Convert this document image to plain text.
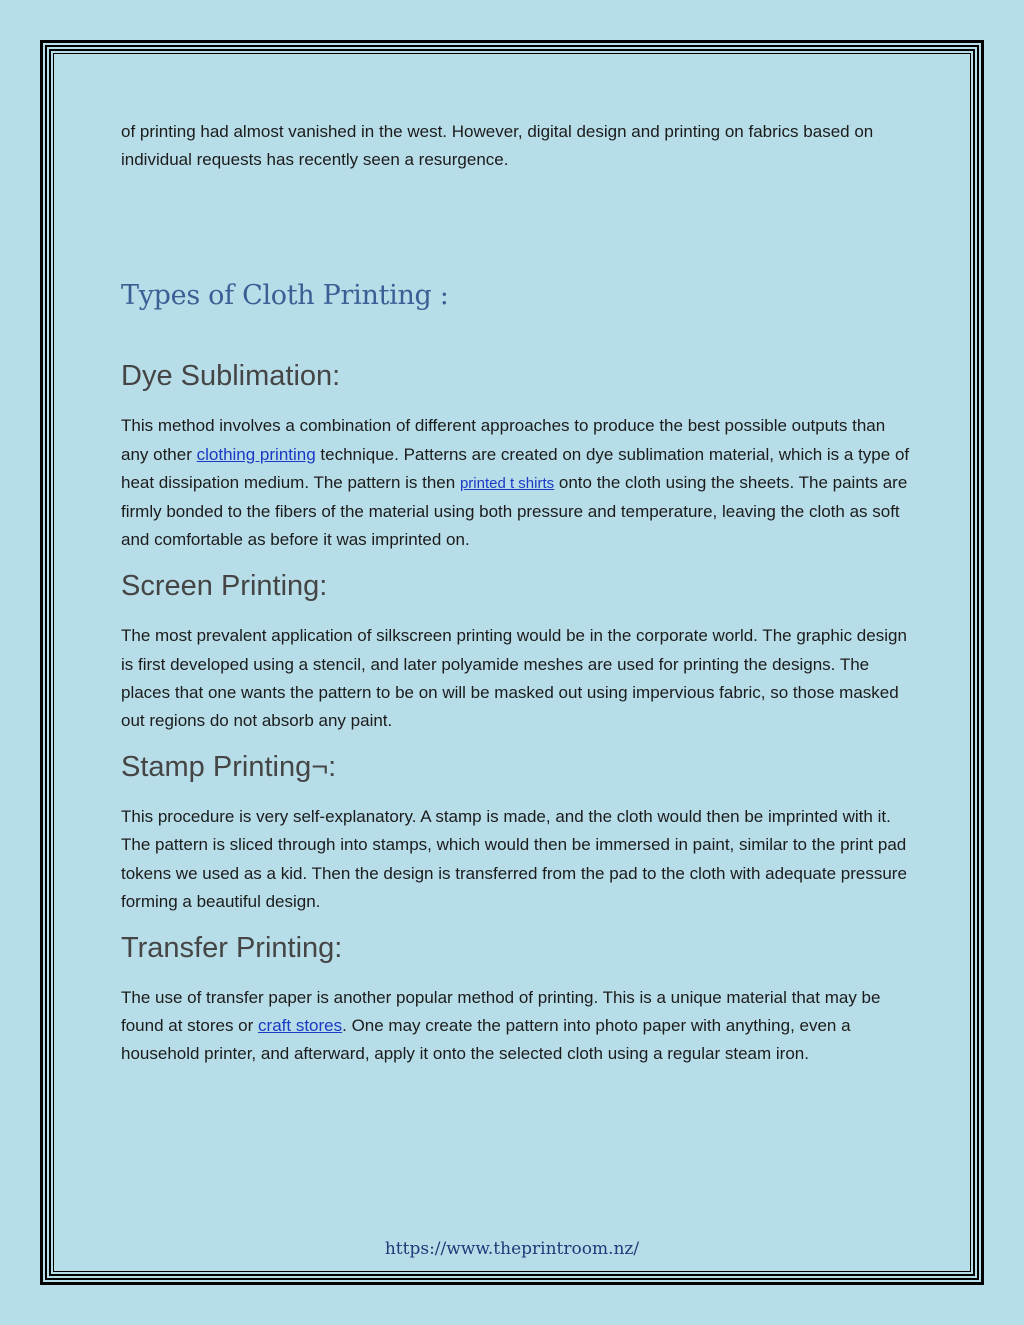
of printing had almost vanished in the west. However, digital design and printing on fabrics based on individual requests has recently seen a resurgence.

Types of Cloth Printing :
Dye Sublimation:

This method involves a combination of different approaches to produce the best possible outputs than any other clothing printing technique. Patterns are created on dye sublimation material, which is a type of heat dissipation medium. The pattern is then printed t shirts onto the cloth using the sheets. The paints are firmly bonded to the fibers of the material using both pressure and temperature, leaving the cloth as soft and comfortable as before it was imprinted on.

Screen Printing:

The most prevalent application of silkscreen printing would be in the corporate world. The graphic design is first developed using a stencil, and later polyamide meshes are used for printing the designs. The places that one wants the pattern to be on will be masked out using impervious fabric, so those masked out regions do not absorb any paint.

Stamp Printing¬:

This procedure is very self-explanatory. A stamp is made, and the cloth would then be imprinted with it. The pattern is sliced through into stamps, which would then be immersed in paint, similar to the print pad tokens we used as a kid. Then the design is transferred from the pad to the cloth with adequate pressure forming a beautiful design.

Transfer Printing:

The use of transfer paper is another popular method of printing. This is a unique material that may be found at stores or craft stores. One may create the pattern into photo paper with anything, even a household printer, and afterward, apply it onto the selected cloth using a regular steam iron.

https://www.theprintroom.nz/
